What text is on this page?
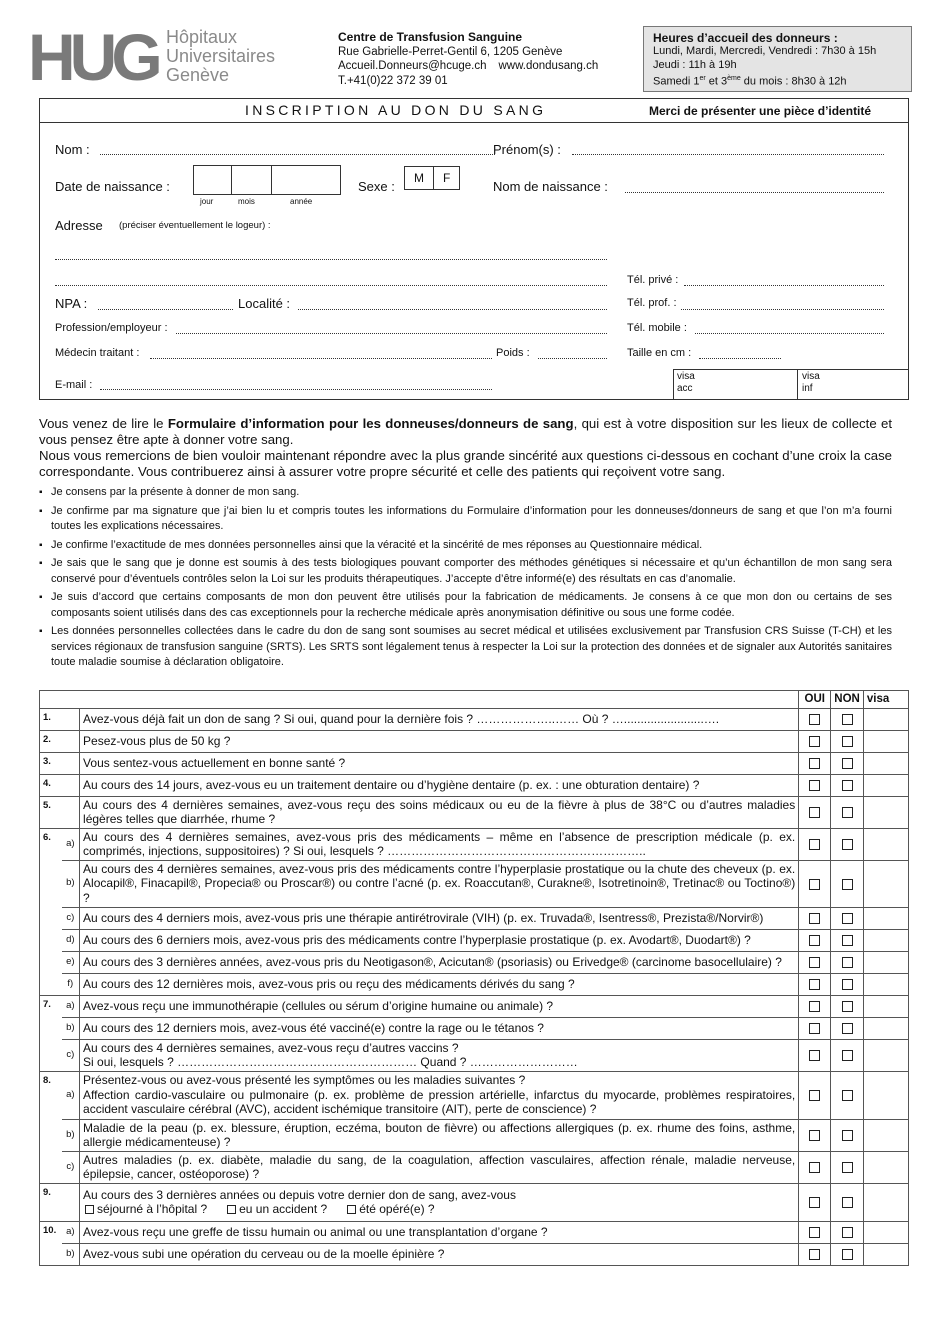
HUG Hôpitaux
Universitaires
Genève
Centre de Transfusion Sanguine
Rue Gabrielle-Perret-Gentil 6, 1205 Genève
Accueil.Donneurs@hcuge.ch www.dondusang.ch
T.+41(0)22 372 39 01
Heures d’accueil des donneurs :
Lundi, Mardi, Mercredi, Vendredi : 7h30 à 15h
Jeudi : 11h à 19h
Samedi 1er et 3ème du mois : 8h30 à 12h
INSCRIPTION AU DON DU SANG	Merci de présenter une pièce d’identité
Nom :	Prénom(s) :
Date de naissance :
jour	mois	année
Sexe :
M F
Nom de naissance :
Adresse (préciser éventuellement le logeur) :
Tél. privé :
NPA :	Localité :	Tél. prof. :
Profession/employeur :	Tél. mobile :
Médecin traitant :	Poids :	Taille en cm :
E-mail :
visa
acc
visa
inf

Vous venez de lire le Formulaire d’information pour les donneuses/donneurs de sang, qui est à votre disposition sur les lieux de collecte et vous pensez être apte à donner votre sang.

Nous vous remercions de bien vouloir maintenant répondre avec la plus grande sincérité aux questions ci-dessous en cochant d’une croix la case correspondante. Vous contribuerez ainsi à assurer votre propre sécurité et celle des patients qui reçoivent votre sang.

▪ Je consens par la présente à donner de mon sang.
▪ Je confirme par ma signature que j’ai bien lu et compris toutes les informations du Formulaire d’information pour les donneuses/donneurs de sang et que l’on m’a fourni toutes les explications nécessaires.
▪ Je confirme l’exactitude de mes données personnelles ainsi que la véracité et la sincérité de mes réponses au Questionnaire médical.
▪ Je sais que le sang que je donne est soumis à des tests biologiques pouvant comporter des méthodes génétiques si nécessaire et qu’un échantillon de mon sang sera conservé pour d’éventuels contrôles selon la Loi sur les produits thérapeutiques. J’accepte d’être informé(e) des résultats en cas d’anomalie.
▪ Je suis d’accord que certains composants de mon don peuvent être utilisés pour la fabrication de médicaments. Je consens à ce que mon don ou certains de ses composants soient utilisés dans des cas exceptionnels pour la recherche médicale après anonymisation définitive ou sous une forme codée.
▪ Les données personnelles collectées dans le cadre du don de sang sont soumises au secret médical et utilisées exclusivement par Transfusion CRS Suisse (T-CH) et les services régionaux de transfusion sanguine (SRTS). Les SRTS sont légalement tenus à respecter la Loi sur la protection des données et de signaler aux Autorités sanitaires toute maladie soumise à déclaration obligatoire.
			OUI	NON	visa
1.		Avez-vous déjà fait un don de sang ? Si oui, quand pour la dernière fois ? ………………..…… Où ? …........................….			
2.		Pesez-vous plus de 50 kg ?			
3.		Vous sentez-vous actuellement en bonne santé ?			
4.		Au cours des 14 jours, avez-vous eu un traitement dentaire ou d’hygiène dentaire (p. ex. : une obturation dentaire) ?			
5.		Au cours des 4 dernières semaines, avez-vous reçu des soins médicaux ou eu de la fièvre à plus de 38°C ou d’autres maladies légères telles que diarrhée, rhume ?			
6.	a)	Au cours des 4 dernières semaines, avez-vous pris des médicaments – même en l’absence de prescription médicale (p. ex. comprimés, injections, suppositoires) ? Si oui, lesquels ? ………………………………………………………..			
	b)	Au cours des 4 dernières semaines, avez-vous pris des médicaments contre l’hyperplasie prostatique ou la chute des cheveux (p. ex. Alocapil®, Finacapil®, Propecia® ou Proscar®) ou contre l’acné (p. ex. Roaccutan®, Curakne®, Isotretinoin®, Tretinac® ou Toctino®) ?			
	c)	Au cours des 4 derniers mois, avez-vous pris une thérapie antirétrovirale (VIH) (p. ex. Truvada®, Isentress®, Prezista®/Norvir®)			
	d)	Au cours des 6 derniers mois, avez-vous pris des médicaments contre l’hyperplasie prostatique (p. ex. Avodart®, Duodart®) ?			
	e)	Au cours des 3 dernières années, avez-vous pris du Neotigason®, Acicutan® (psoriasis) ou Erivedge® (carcinome basocellulaire) ?			
	f)	Au cours des 12 dernières mois, avez-vous pris ou reçu des médicaments dérivés du sang ?			
7.	a)	Avez-vous reçu une immunothérapie (cellules ou sérum d’origine humaine ou animale) ?			
	b)	Au cours des 12 derniers mois, avez-vous été vacciné(e) contre la rage ou le tétanos ?			
	c)	Au cours des 4 dernières semaines, avez-vous reçu d’autres vaccins ?
Si oui, lesquels ? …………………………………………………… Quand ? ………………………			
8.	a)	Présentez-vous ou avez-vous présenté les symptômes ou les maladies suivantes ?
Affection cardio-vasculaire ou pulmonaire (p. ex. problème de pression artérielle, infarctus du myocarde, problèmes respiratoires, accident vasculaire cérébral (AVC), accident ischémique transitoire (AIT), perte de conscience) ?			
	b)	Maladie de la peau (p. ex. blessure, éruption, eczéma, bouton de fièvre) ou affections allergiques (p. ex. rhume des foins, asthme, allergie médicamenteuse) ?			
	c)	Autres maladies (p. ex. diabète, maladie du sang, de la coagulation, affection vasculaires, affection rénale, maladie nerveuse, épilepsie, cancer, ostéoporose) ?			
9.		Au cours des 3 dernières années ou depuis votre dernier don de sang, avez-vous
séjourné à l’hôpital ? eu un accident ? été opéré(e) ?			

10.	a)	Avez-vous reçu une greffe de tissu humain ou animal ou une transplantation d’organe ?			
	b)	Avez-vous subi une opération du cerveau ou de la moelle épinière ?			
